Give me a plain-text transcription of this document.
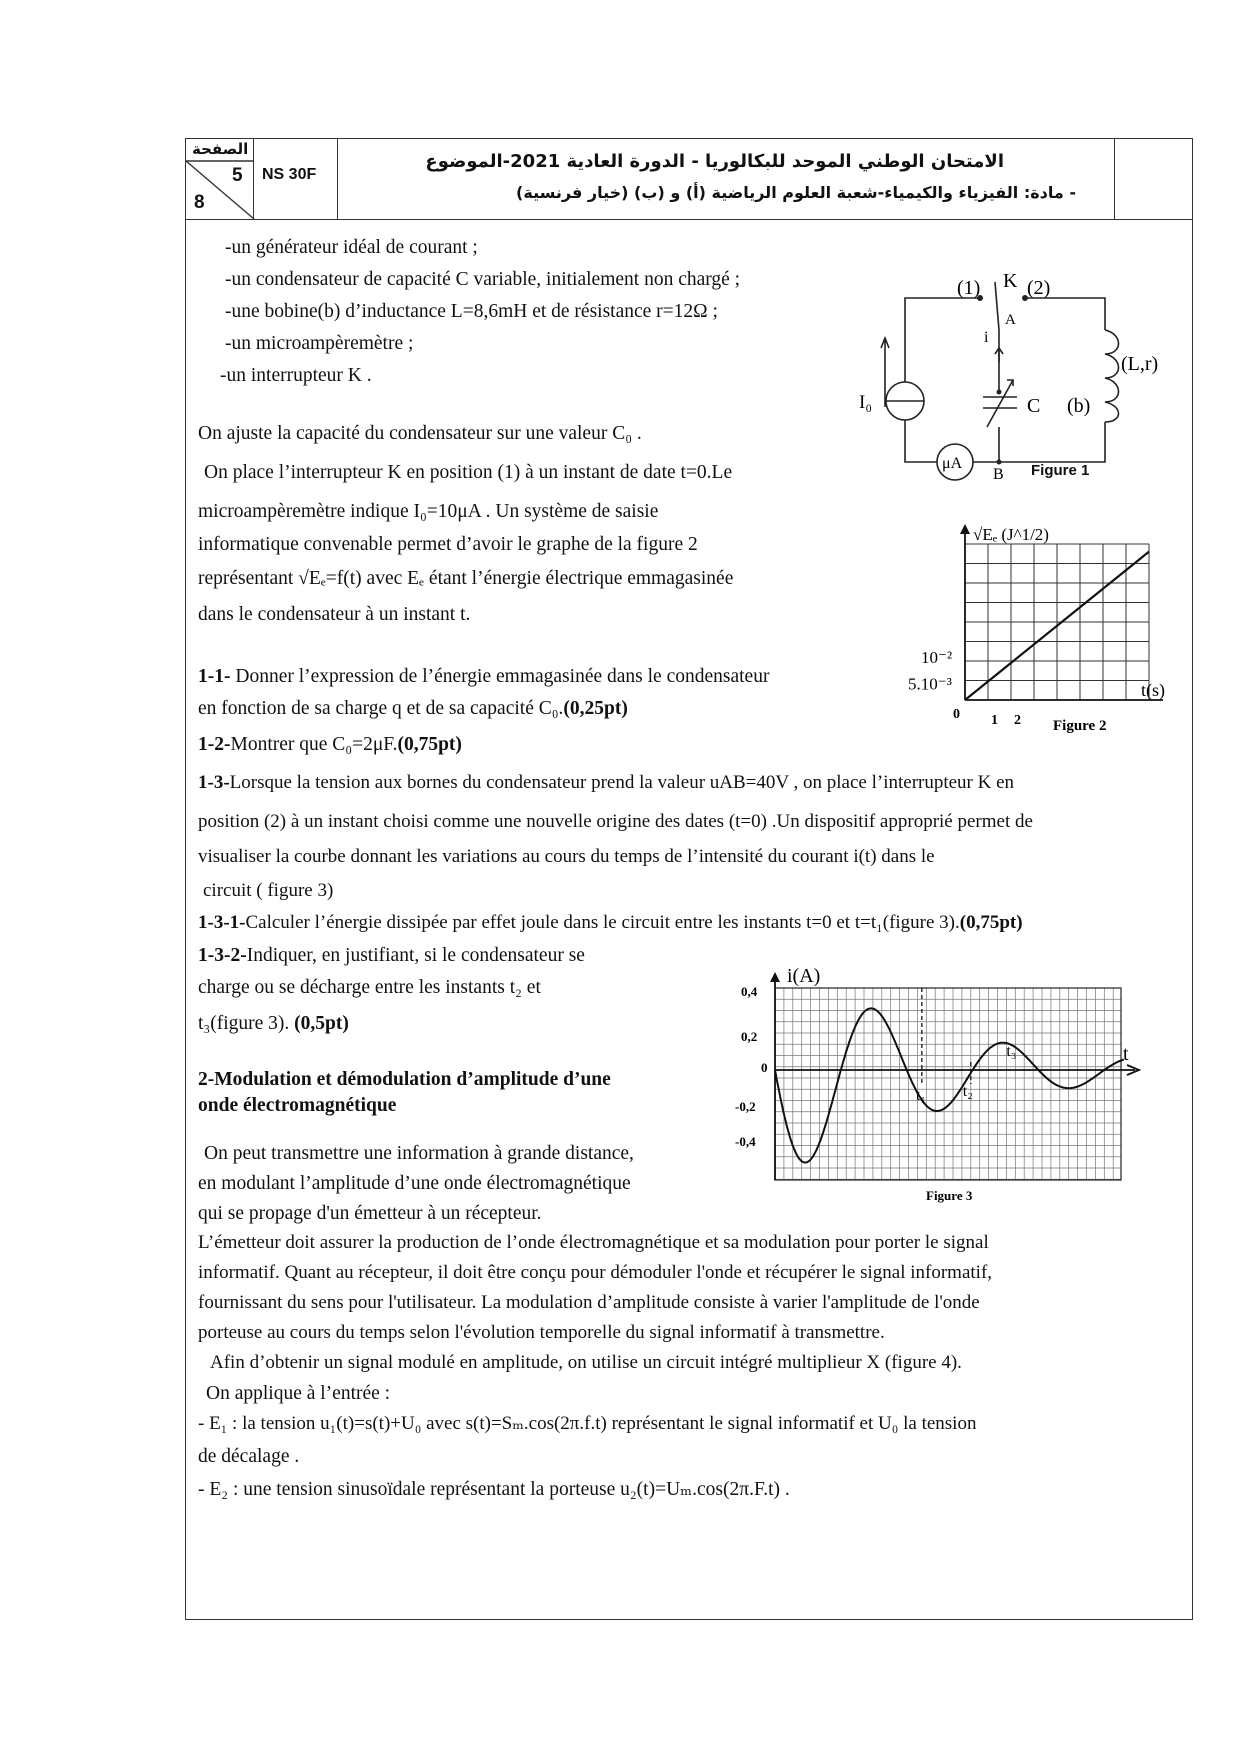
الصفحة
5
8
NS 30F
الامتحان الوطني الموحد للبكالوريا - الدورة العادية 2021-الموضوع
- مادة: الفيزياء والكيمياء-شعبة العلوم الرياضية (أ) و (ب) (خيار فرنسية)
-un générateur idéal de courant ;
-un condensateur de capacité C variable, initialement non chargé ;
-une bobine(b) d’inductance L=8,6mH et de résistance r=12Ω ;
-un microampèremètre ;
-un interrupteur K .
(1) K (2)
A
i
I₀	C (b)
(L,r)
μA
B Figure 1
On ajuste la capacité du condensateur sur une valeur C₀ .
On place l’interrupteur K en position (1) à un instant de date t=0.Le
microampèremètre indique I₀=10μA . Un système de saisie
informatique convenable permet d’avoir le graphe de la figure 2
représentant √Eₑ=f(t) avec Eₑ étant l’énergie électrique emmagasinée
dans le condensateur à un instant t.
√Eₑ (J^1/2)
t(s)
0 1 2
5.10⁻³
10⁻²
Figure 2
1-1- Donner l’expression de l’énergie emmagasinée dans le condensateur
en fonction de sa charge q et de sa capacité C₀.(0,25pt)
1-2-Montrer que C₀=2μF.(0,75pt)
1-3-Lorsque la tension aux bornes du condensateur prend la valeur uAB=40V , on place l’interrupteur K en
position (2) à un instant choisi comme une nouvelle origine des dates (t=0) .Un dispositif approprié permet de
visualiser la courbe donnant les variations au cours du temps de l’intensité du courant i(t) dans le
circuit ( figure 3)
1-3-1-Calculer l’énergie dissipée par effet joule dans le circuit entre les instants t=0 et t=t₁(figure 3).(0,75pt)
1-3-2-Indiquer, en justifiant, si le condensateur se
charge ou se décharge entre les instants t₂ et
t₃(figure 3). (0,5pt)
t₁ t₂
t₃
i(A)
t
0,4
0,2
0
-0,2
-0,4
Figure 3
2-Modulation et démodulation d’amplitude d’une
onde électromagnétique
On peut transmettre une information à grande distance,
en modulant l’amplitude d’une onde électromagnétique
qui se propage d'un émetteur à un récepteur.
L’émetteur doit assurer la production de l’onde électromagnétique et sa modulation pour porter le signal
informatif. Quant au récepteur, il doit être conçu pour démoduler l'onde et récupérer le signal informatif,
fournissant du sens pour l'utilisateur. La modulation d’amplitude consiste à varier l'amplitude de l'onde
porteuse au cours du temps selon l'évolution temporelle du signal informatif à transmettre.
Afin d’obtenir un signal modulé en amplitude, on utilise un circuit intégré multiplieur X (figure 4).
On applique à l’entrée :
- E₁ : la tension u₁(t)=s(t)+U₀ avec s(t)=Sₘ.cos(2π.f.t) représentant le signal informatif et U₀ la tension
de décalage .
- E₂ : une tension sinusoïdale représentant la porteuse u₂(t)=Uₘ.cos(2π.F.t) .
